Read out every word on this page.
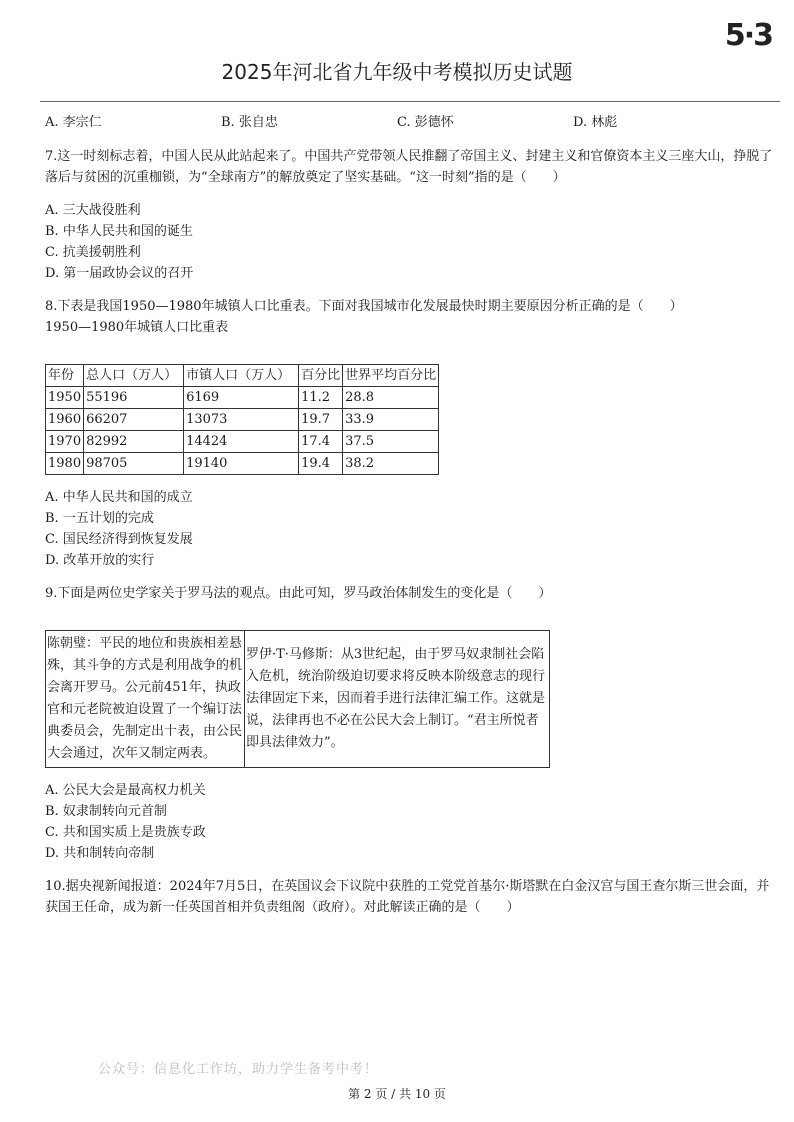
5·3
2025年河北省九年级中考模拟历史试题
A. 李宗仁	B. 张自忠	C. 彭德怀	D. 林彪

7.这一时刻标志着，中国人民从此站起来了。中国共产党带领人民推翻了帝国主义、封建主义和官僚资本主义三座大山，挣脱了落后与贫困的沉重枷锁，为“全球南方”的解放奠定了坚实基础。“这一时刻”指的是（　　）

A. 三大战役胜利

B. 中华人民共和国的诞生

C. 抗美援朝胜利

D. 第一届政协会议的召开

8.下表是我国1950—1980年城镇人口比重表。下面对我国城市化发展最快时期主要原因分析正确的是（　　）

1950—1980年城镇人口比重表

年份	总人口（万人）	市镇人口（万人）	百分比	世界平均百分比
1950	55196	6169	11.2	28.8
1960	66207	13073	19.7	33.9
1970	82992	14424	17.4	37.5
1980	98705	19140	19.4	38.2

A. 中华人民共和国的成立

B. 一五计划的完成

C. 国民经济得到恢复发展

D. 改革开放的实行

9.下面是两位史学家关于罗马法的观点。由此可知，罗马政治体制发生的变化是（　　）

陈朝璧：平民的地位和贵族相差悬殊，其斗争的方式是利用战争的机会离开罗马。公元前451年，执政官和元老院被迫设置了一个编订法典委员会，先制定出十表，由公民大会通过，次年又制定两表。	罗伊·T·马修斯：从3世纪起，由于罗马奴隶制社会陷入危机，统治阶级迫切要求将反映本阶级意志的现行法律固定下来，因而着手进行法律汇编工作。这就是说，法律再也不必在公民大会上制订。“君主所悦者即具法律效力”。

A. 公民大会是最高权力机关

B. 奴隶制转向元首制

C. 共和国实质上是贵族专政

D. 共和制转向帝制

10.据央视新闻报道：2024年7月5日，在英国议会下议院中获胜的工党党首基尔·斯塔默在白金汉宫与国王查尔斯三世会面，并获国王任命，成为新一任英国首相并负责组阁（政府）。对此解读正确的是（　　）

公众号：信息化工作坊，助力学生备考中考！
第 2 页 / 共 10 页
